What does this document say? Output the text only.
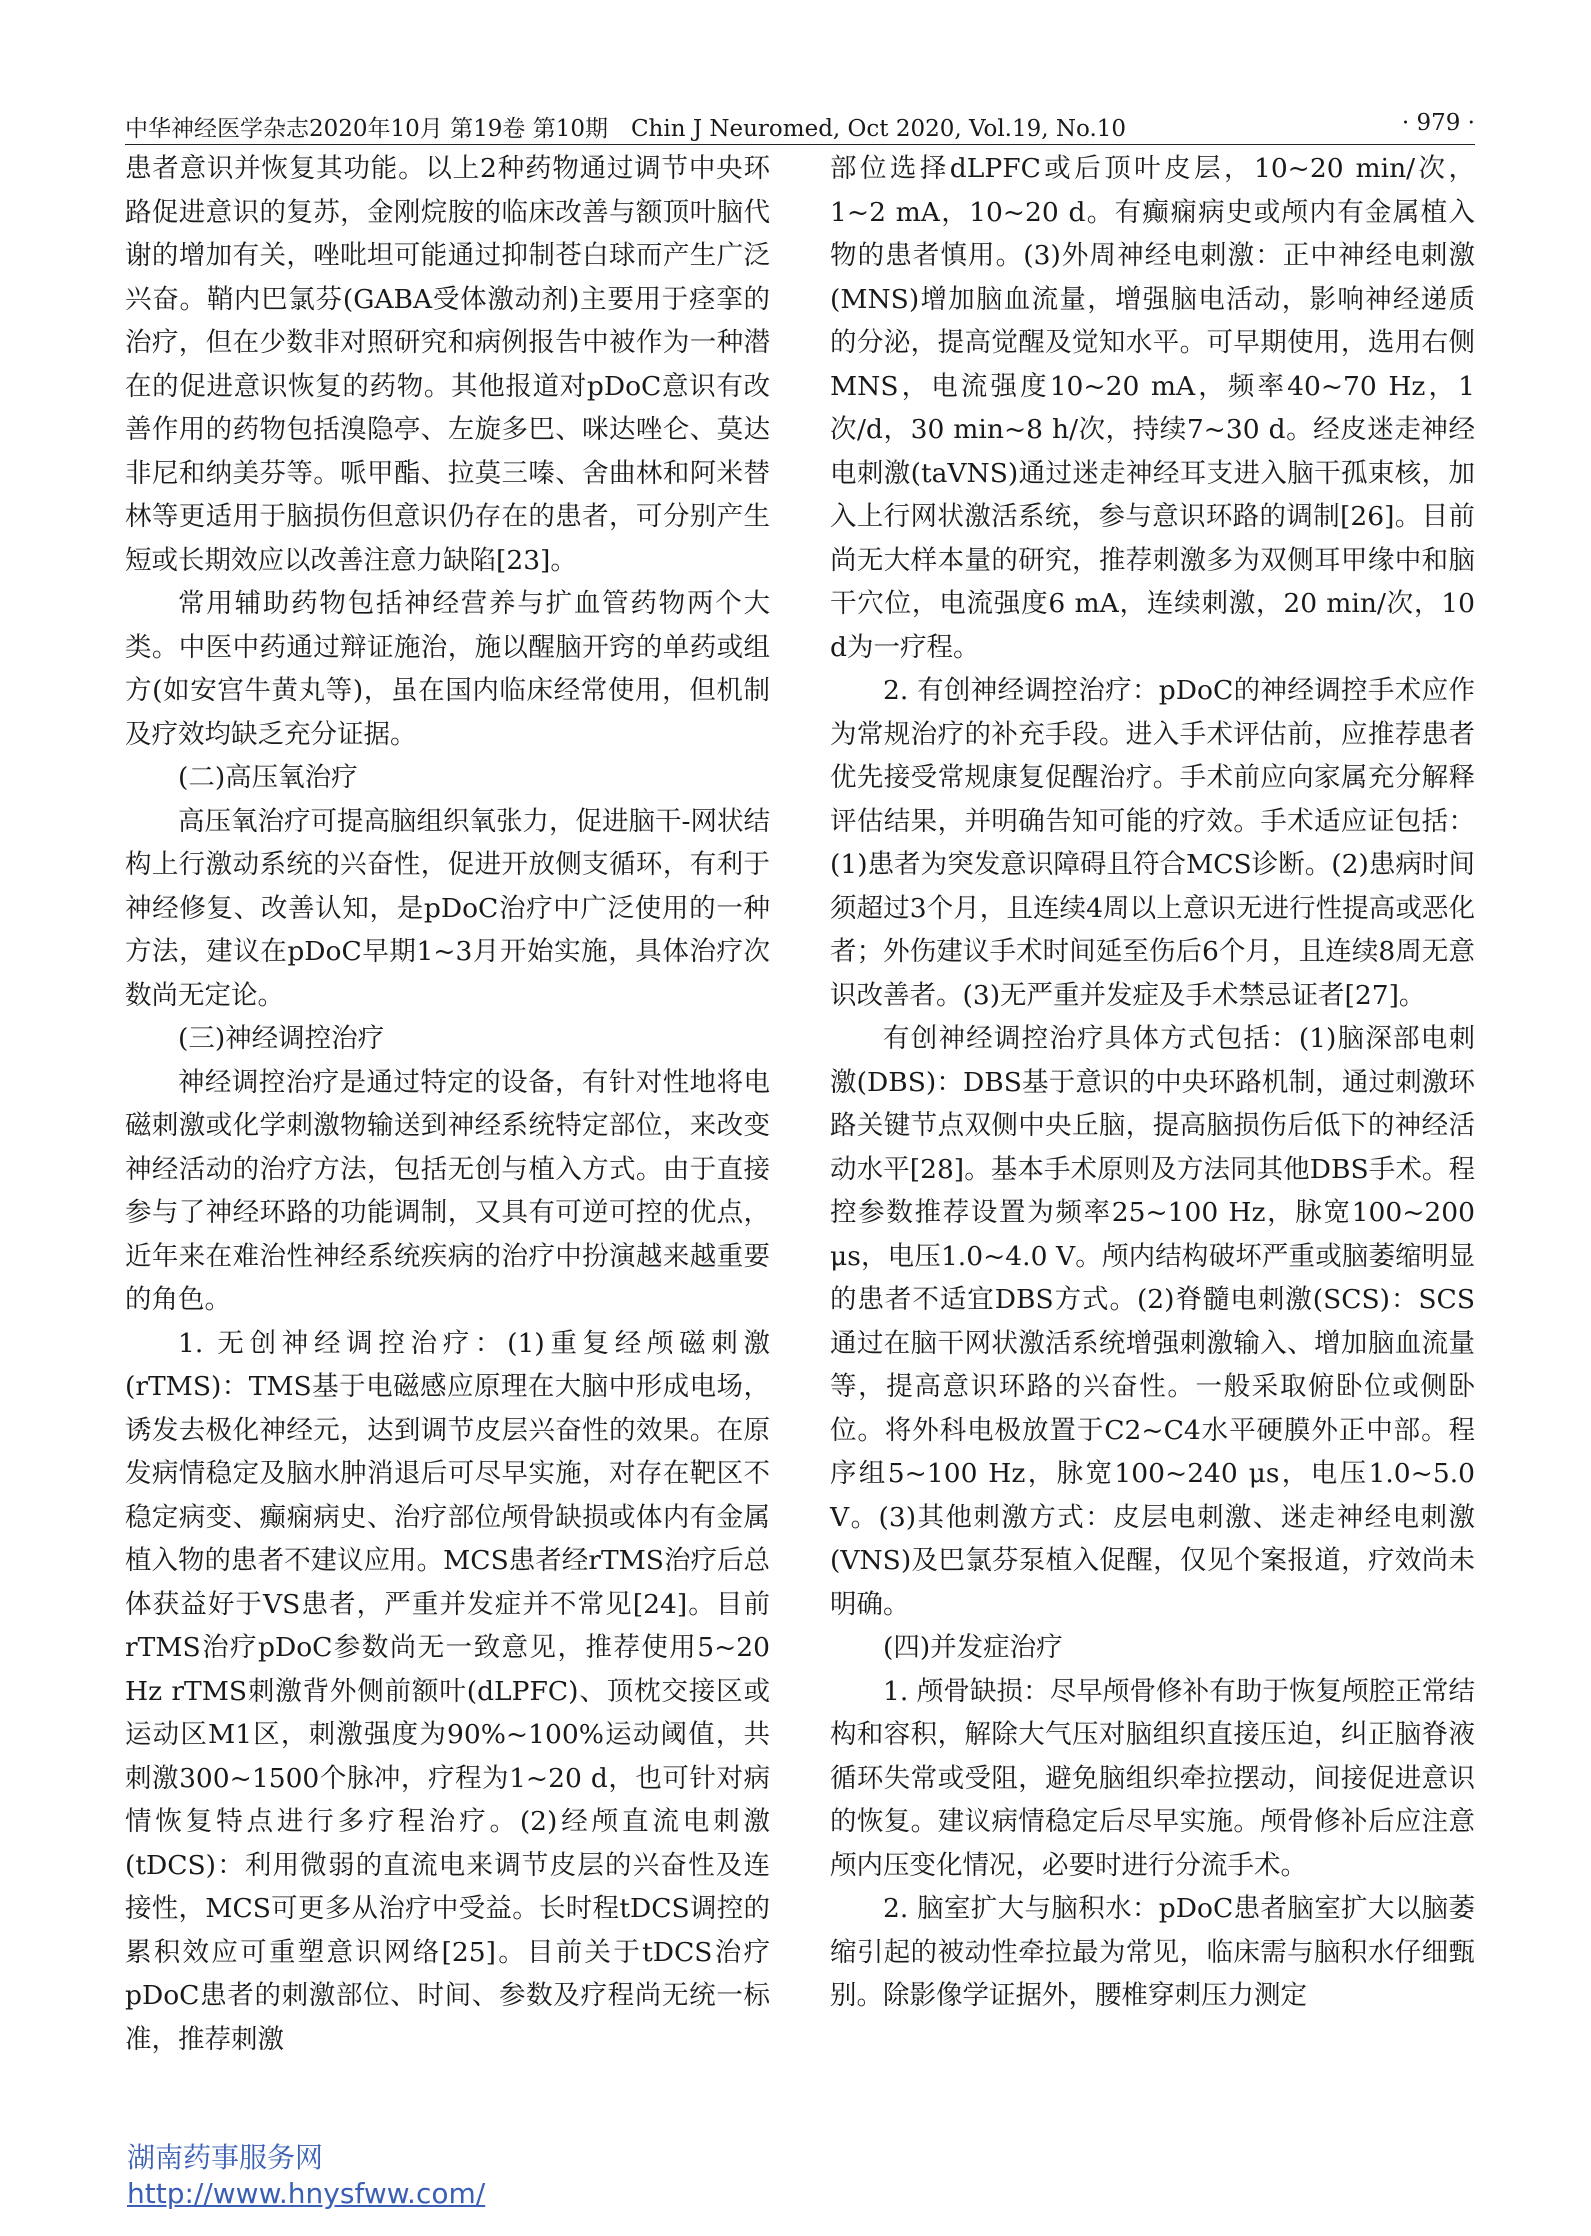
中华神经医学杂志2020年10月 第19卷 第10期　Chin J Neuromed, Oct 2020, Vol.19, No.10	· 979 ·

患者意识并恢复其功能。以上2种药物通过调节中央环路促进意识的复苏，金刚烷胺的临床改善与额顶叶脑代谢的增加有关，唑吡坦可能通过抑制苍白球而产生广泛兴奋。鞘内巴氯芬(GABA受体激动剂)主要用于痉挛的治疗，但在少数非对照研究和病例报告中被作为一种潜在的促进意识恢复的药物。其他报道对pDoC意识有改善作用的药物包括溴隐亭、左旋多巴、咪达唑仑、莫达非尼和纳美芬等。哌甲酯、拉莫三嗪、舍曲林和阿米替林等更适用于脑损伤但意识仍存在的患者，可分别产生短或长期效应以改善注意力缺陷[23]。

常用辅助药物包括神经营养与扩血管药物两个大类。中医中药通过辩证施治，施以醒脑开窍的单药或组方(如安宫牛黄丸等)，虽在国内临床经常使用，但机制及疗效均缺乏充分证据。

(二)高压氧治疗

高压氧治疗可提高脑组织氧张力，促进脑干-网状结构上行激动系统的兴奋性，促进开放侧支循环，有利于神经修复、改善认知，是pDoC治疗中广泛使用的一种方法，建议在pDoC早期1~3月开始实施，具体治疗次数尚无定论。

(三)神经调控治疗

神经调控治疗是通过特定的设备，有针对性地将电磁刺激或化学刺激物输送到神经系统特定部位，来改变神经活动的治疗方法，包括无创与植入方式。由于直接参与了神经环路的功能调制，又具有可逆可控的优点，近年来在难治性神经系统疾病的治疗中扮演越来越重要的角色。

1. 无创神经调控治疗：(1)重复经颅磁刺激(rTMS)：TMS基于电磁感应原理在大脑中形成电场，诱发去极化神经元，达到调节皮层兴奋性的效果。在原发病情稳定及脑水肿消退后可尽早实施，对存在靶区不稳定病变、癫痫病史、治疗部位颅骨缺损或体内有金属植入物的患者不建议应用。MCS患者经rTMS治疗后总体获益好于VS患者，严重并发症并不常见[24]。目前rTMS治疗pDoC参数尚无一致意见，推荐使用5~20 Hz rTMS刺激背外侧前额叶(dLPFC)、顶枕交接区或运动区M1区，刺激强度为90%~100%运动阈值，共刺激300~1500个脉冲，疗程为1~20 d，也可针对病情恢复特点进行多疗程治疗。(2)经颅直流电刺激(tDCS)：利用微弱的直流电来调节皮层的兴奋性及连接性，MCS可更多从治疗中受益。长时程tDCS调控的累积效应可重塑意识网络[25]。目前关于tDCS治疗pDoC患者的刺激部位、时间、参数及疗程尚无统一标准，推荐刺激

部位选择dLPFC或后顶叶皮层，10~20 min/次，1~2 mA，10~20 d。有癫痫病史或颅内有金属植入物的患者慎用。(3)外周神经电刺激：正中神经电刺激(MNS)增加脑血流量，增强脑电活动，影响神经递质的分泌，提高觉醒及觉知水平。可早期使用，选用右侧MNS，电流强度10~20 mA，频率40~70 Hz，1次/d，30 min~8 h/次，持续7~30 d。经皮迷走神经电刺激(taVNS)通过迷走神经耳支进入脑干孤束核，加入上行网状激活系统，参与意识环路的调制[26]。目前尚无大样本量的研究，推荐刺激多为双侧耳甲缘中和脑干穴位，电流强度6 mA，连续刺激，20 min/次，10 d为一疗程。

2. 有创神经调控治疗：pDoC的神经调控手术应作为常规治疗的补充手段。进入手术评估前，应推荐患者优先接受常规康复促醒治疗。手术前应向家属充分解释评估结果，并明确告知可能的疗效。手术适应证包括：(1)患者为突发意识障碍且符合MCS诊断。(2)患病时间须超过3个月，且连续4周以上意识无进行性提高或恶化者；外伤建议手术时间延至伤后6个月，且连续8周无意识改善者。(3)无严重并发症及手术禁忌证者[27]。

有创神经调控治疗具体方式包括：(1)脑深部电刺激(DBS)：DBS基于意识的中央环路机制，通过刺激环路关键节点双侧中央丘脑，提高脑损伤后低下的神经活动水平[28]。基本手术原则及方法同其他DBS手术。程控参数推荐设置为频率25~100 Hz，脉宽100~200 μs，电压1.0~4.0 V。颅内结构破坏严重或脑萎缩明显的患者不适宜DBS方式。(2)脊髓电刺激(SCS)：SCS通过在脑干网状激活系统增强刺激输入、增加脑血流量等，提高意识环路的兴奋性。一般采取俯卧位或侧卧位。将外科电极放置于C2~C4水平硬膜外正中部。程序组5~100 Hz，脉宽100~240 μs，电压1.0~5.0 V。(3)其他刺激方式：皮层电刺激、迷走神经电刺激(VNS)及巴氯芬泵植入促醒，仅见个案报道，疗效尚未明确。

(四)并发症治疗

1. 颅骨缺损：尽早颅骨修补有助于恢复颅腔正常结构和容积，解除大气压对脑组织直接压迫，纠正脑脊液循环失常或受阻，避免脑组织牵拉摆动，间接促进意识的恢复。建议病情稳定后尽早实施。颅骨修补后应注意颅内压变化情况，必要时进行分流手术。

2. 脑室扩大与脑积水：pDoC患者脑室扩大以脑萎缩引起的被动性牵拉最为常见，临床需与脑积水仔细甄别。除影像学证据外，腰椎穿刺压力测定

湖南药事服务网
http://www.hnysfww.com/
